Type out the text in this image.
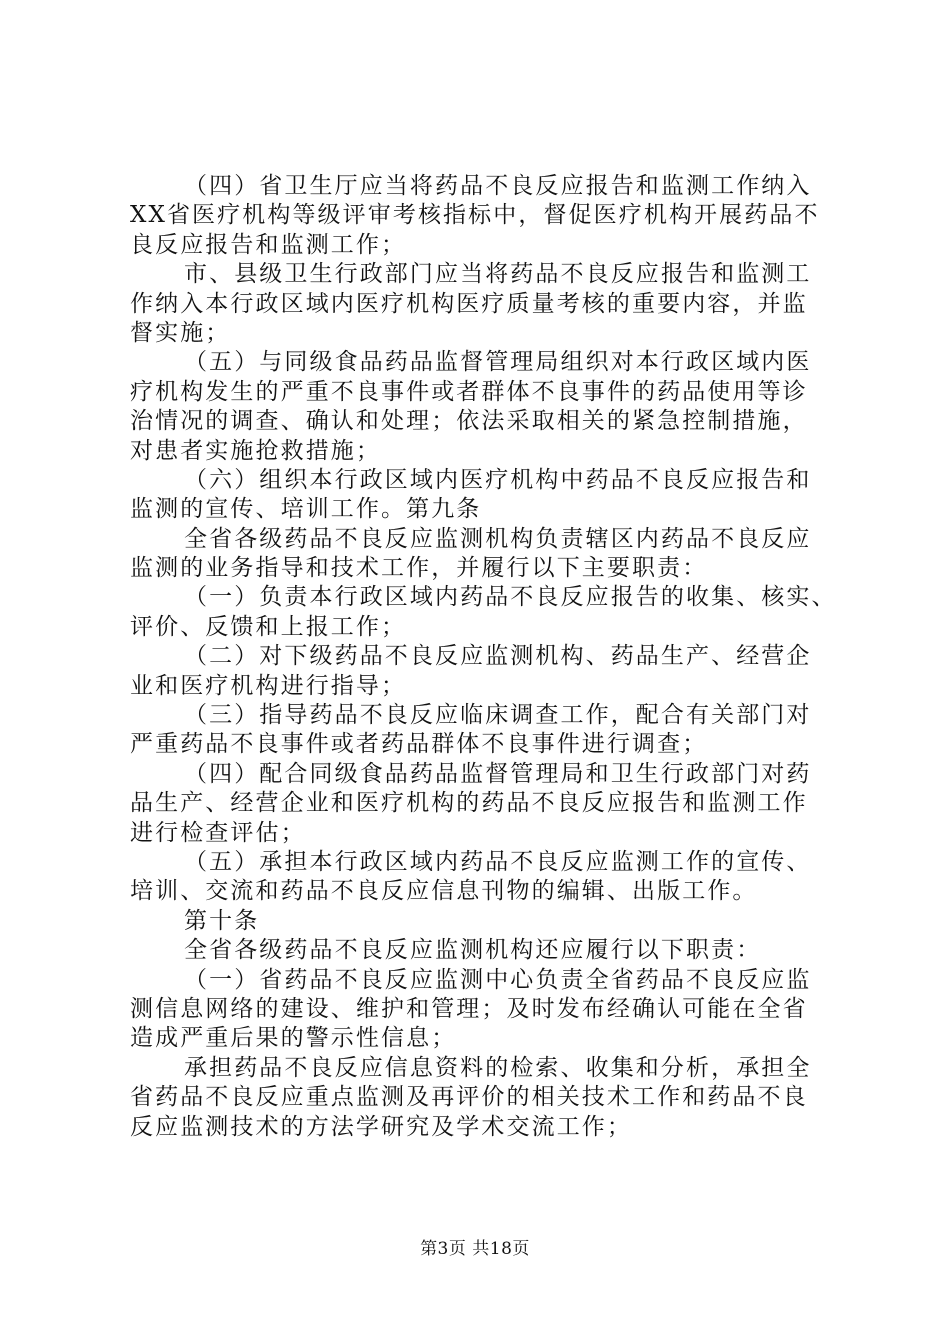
（四）省卫生厅应当将药品不良反应报告和监测工作纳入
XX省医疗机构等级评审考核指标中，督促医疗机构开展药品不
良反应报告和监测工作；
市、县级卫生行政部门应当将药品不良反应报告和监测工
作纳入本行政区域内医疗机构医疗质量考核的重要内容，并监
督实施；
（五）与同级食品药品监督管理局组织对本行政区域内医
疗机构发生的严重不良事件或者群体不良事件的药品使用等诊
治情况的调查、确认和处理；依法采取相关的紧急控制措施，
对患者实施抢救措施；
（六）组织本行政区域内医疗机构中药品不良反应报告和
监测的宣传、培训工作。第九条
全省各级药品不良反应监测机构负责辖区内药品不良反应
监测的业务指导和技术工作，并履行以下主要职责：
（一）负责本行政区域内药品不良反应报告的收集、核实、
评价、反馈和上报工作；
（二）对下级药品不良反应监测机构、药品生产、经营企
业和医疗机构进行指导；
（三）指导药品不良反应临床调查工作，配合有关部门对
严重药品不良事件或者药品群体不良事件进行调查；
（四）配合同级食品药品监督管理局和卫生行政部门对药
品生产、经营企业和医疗机构的药品不良反应报告和监测工作
进行检查评估；
（五）承担本行政区域内药品不良反应监测工作的宣传、
培训、交流和药品不良反应信息刊物的编辑、出版工作。
第十条
全省各级药品不良反应监测机构还应履行以下职责：
（一）省药品不良反应监测中心负责全省药品不良反应监
测信息网络的建设、维护和管理；及时发布经确认可能在全省
造成严重后果的警示性信息；
承担药品不良反应信息资料的检索、收集和分析，承担全
省药品不良反应重点监测及再评价的相关技术工作和药品不良
反应监测技术的方法学研究及学术交流工作；
第3页 共18页
